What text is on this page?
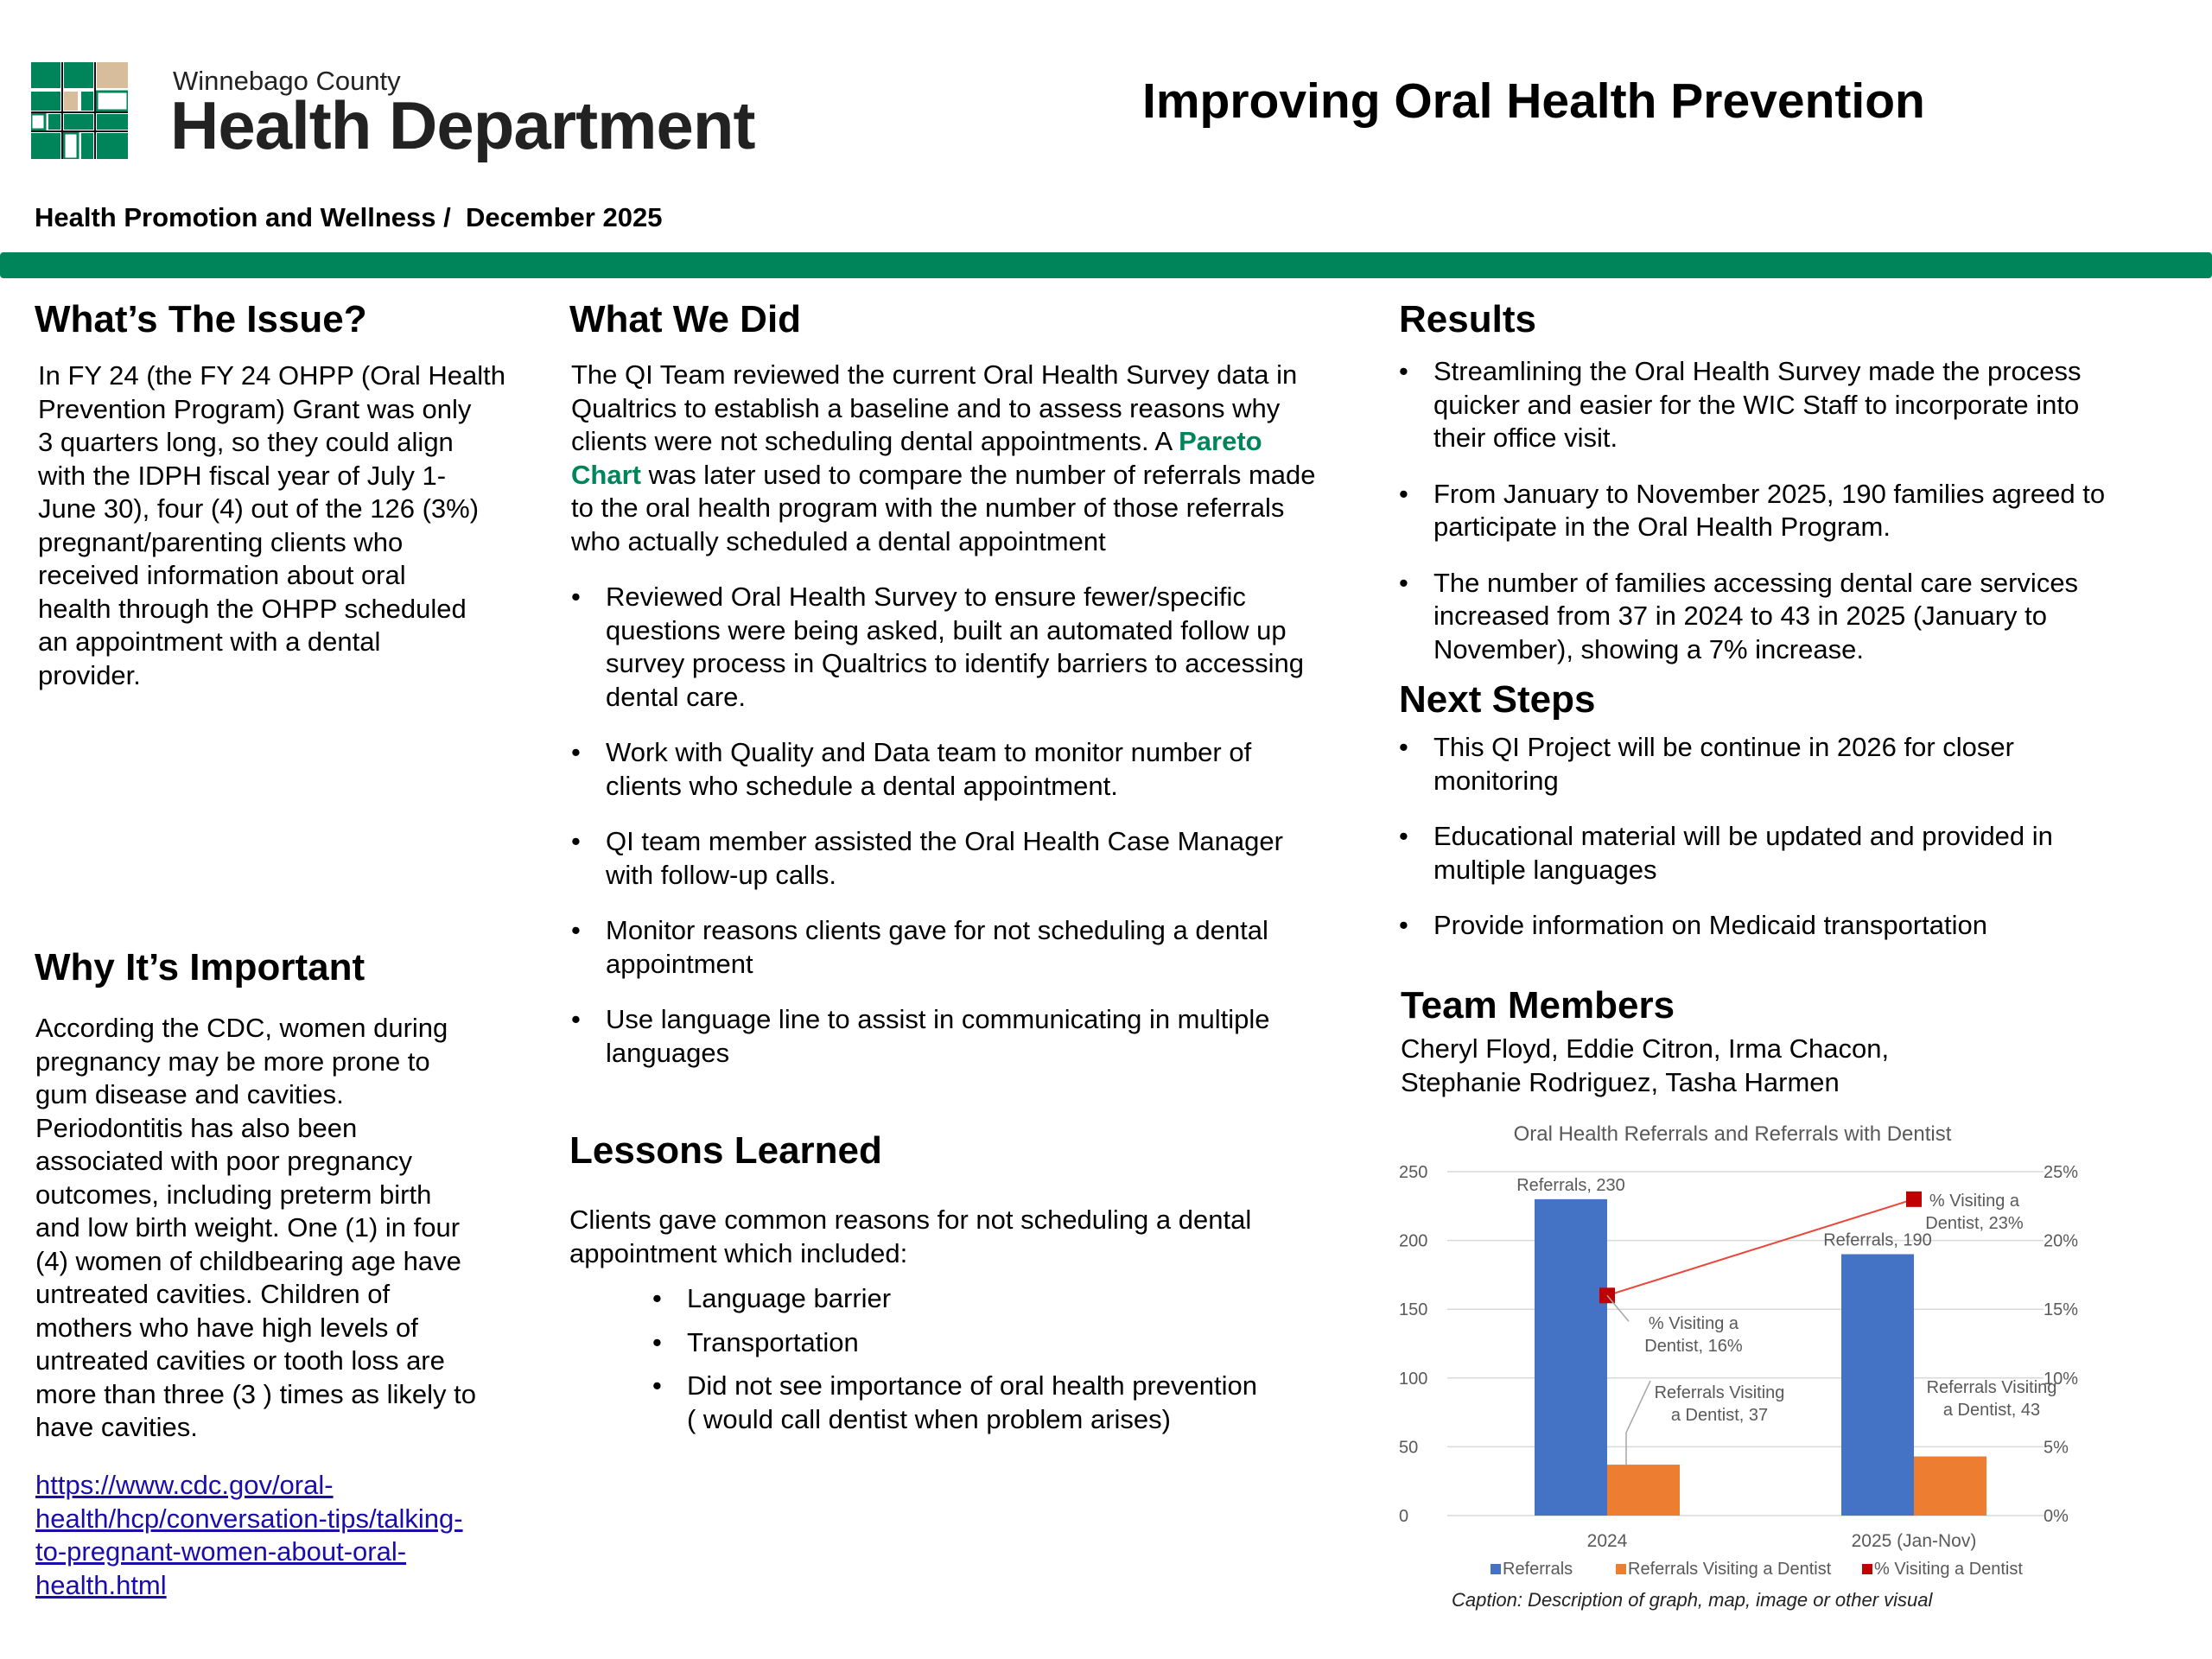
Winnebago County
Health Department	Improving Oral Health Prevention
Health Promotion and Wellness /  December 2025
What’s The Issue?
In FY 24 (the FY 24 OHPP (Oral Health
Prevention Program) Grant was only
3 quarters long, so they could align
with the IDPH fiscal year of July 1-
June 30), four (4) out of the 126 (3%)
pregnant/parenting clients who
received information about oral
health through the OHPP scheduled
an appointment with a dental
provider.
Why It’s Important
According the CDC, women during
pregnancy may be more prone to
gum disease and cavities.
Periodontitis has also been
associated with poor pregnancy
outcomes, including preterm birth
and low birth weight. One (1) in four
(4) women of childbearing age have
untreated cavities. Children of
mothers who have high levels of
untreated cavities or tooth loss are
more than three (3 ) times as likely to
have cavities.
https://www.cdc.gov/oral-
health/hcp/conversation-tips/talking-
to-pregnant-women-about-oral-
health.html
What We Did
The QI Team reviewed the current Oral Health Survey data in
Qualtrics to establish a baseline and to assess reasons why
clients were not scheduling dental appointments. A Pareto
Chart was later used to compare the number of referrals made
to the oral health program with the number of those referrals
who actually scheduled a dental appointment
• Reviewed Oral Health Survey to ensure fewer/specific
questions were being asked, built an automated follow up
survey process in Qualtrics to identify barriers to accessing
dental care.
• Work with Quality and Data team to monitor number of
clients who schedule a dental appointment.
• QI team member assisted the Oral Health Case Manager
with follow-up calls.
• Monitor reasons clients gave for not scheduling a dental
appointment
• Use language line to assist in communicating in multiple
languages
Lessons Learned
Clients gave common reasons for not scheduling a dental
appointment which included:
• Language barrier
• Transportation
• Did not see importance of oral health prevention
( would call dentist when problem arises)
Results
• Streamlining the Oral Health Survey made the process
quicker and easier for the WIC Staff to incorporate into
their office visit.
• From January to November 2025, 190 families agreed to
participate in the Oral Health Program.
• The number of families accessing dental care services
increased from 37 in 2024 to 43 in 2025 (January to
November), showing a 7% increase.
Next Steps
• This QI Project will be continue in 2026 for closer
monitoring
• Educational material will be updated and provided in
multiple languages
• Provide information on Medicaid transportation
Team Members
Cheryl Floyd, Eddie Citron, Irma Chacon,
Stephanie Rodriguez, Tasha Harmen
Oral Health Referrals and Referrals with Dentist
0
50
100
150
200
250
0%
5%
10%
15%
20%
25%
2024	2025 (Jan-Nov)
Referrals, 230
Referrals, 190
Referrals Visiting
a Dentist, 37
Referrals Visiting
a Dentist, 43
% Visiting a
Dentist, 16%
% Visiting a
Dentist, 23%
Referrals	Referrals Visiting a Dentist % Visiting a Dentist
Caption: Description of graph, map, image or other visual
